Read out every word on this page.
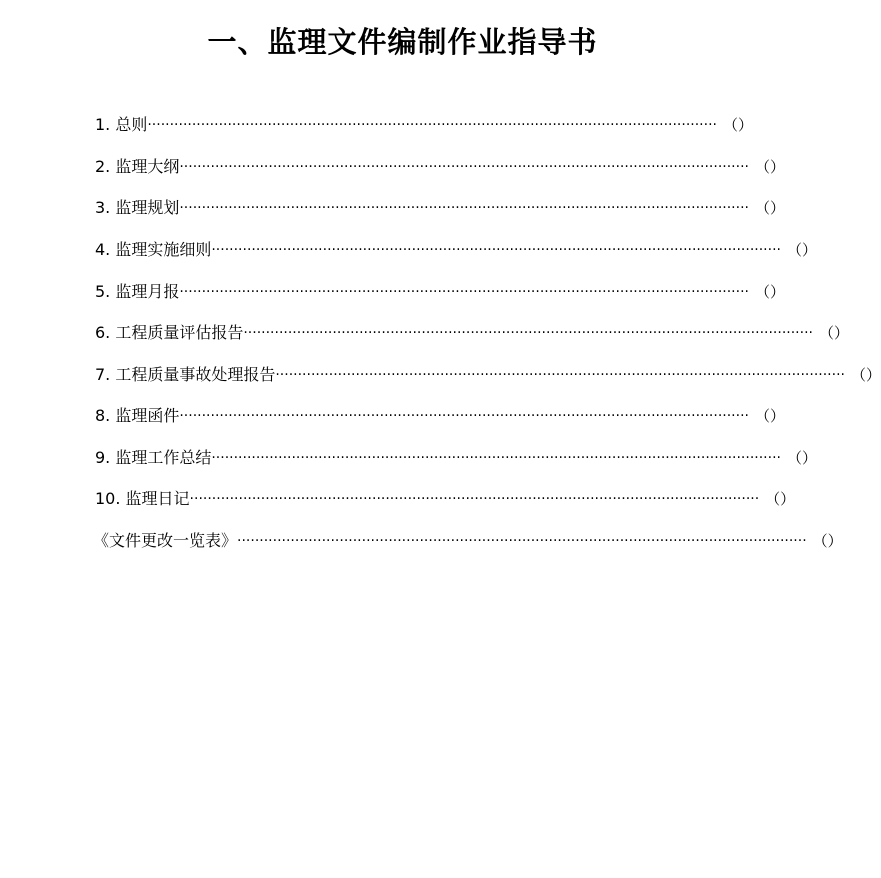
一、监理文件编制作业指导书
1. 总则 ································································································································ （）
2. 监理大纲 ································································································································ （）
3. 监理规划 ································································································································ （）
4. 监理实施细则 ································································································································ （）
5. 监理月报 ································································································································ （）
6. 工程质量评估报告 ································································································································ （）
7. 工程质量事故处理报告 ································································································································ （）
8. 监理函件 ································································································································ （）
9. 监理工作总结 ································································································································ （）
10. 监理日记 ································································································································ （）
《文件更改一览表》 ································································································································ （）
